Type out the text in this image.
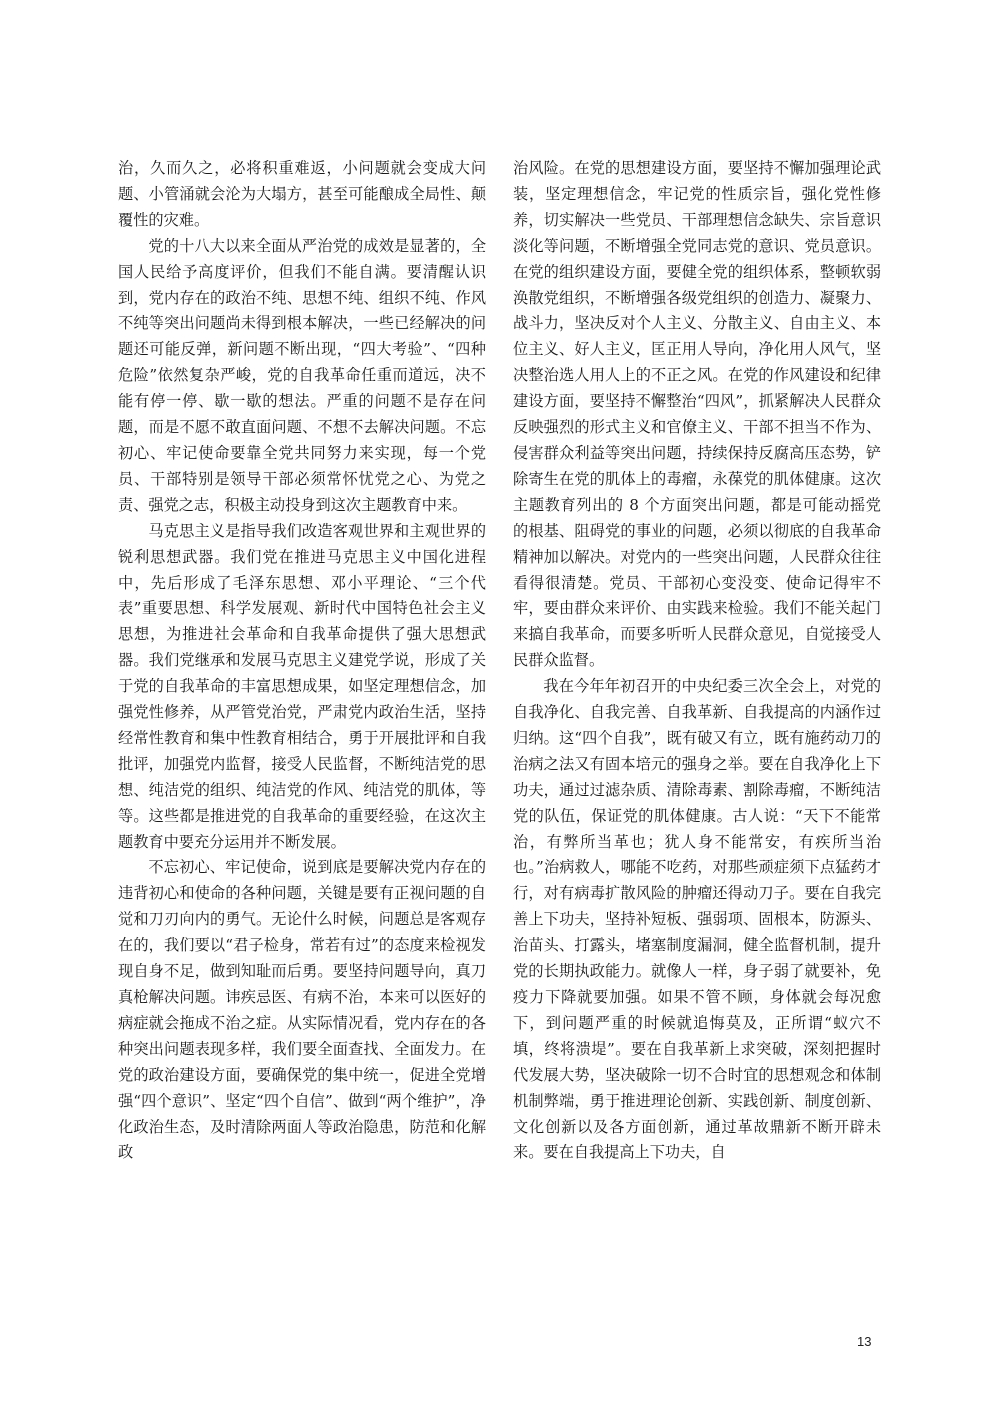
治，久而久之，必将积重难返，小问题就会变成大问题、小管涌就会沦为大塌方，甚至可能酿成全局性、颠覆性的灾难。

党的十八大以来全面从严治党的成效是显著的，全国人民给予高度评价，但我们不能自满。要清醒认识到，党内存在的政治不纯、思想不纯、组织不纯、作风不纯等突出问题尚未得到根本解决，一些已经解决的问题还可能反弹，新问题不断出现，“四大考验”、“四种危险”依然复杂严峻，党的自我革命任重而道远，决不能有停一停、歇一歇的想法。严重的问题不是存在问题，而是不愿不敢直面问题、不想不去解决问题。不忘初心、牢记使命要靠全党共同努力来实现，每一个党员、干部特别是领导干部必须常怀忧党之心、为党之责、强党之志，积极主动投身到这次主题教育中来。

马克思主义是指导我们改造客观世界和主观世界的锐利思想武器。我们党在推进马克思主义中国化进程中，先后形成了毛泽东思想、邓小平理论、“三个代表”重要思想、科学发展观、新时代中国特色社会主义思想，为推进社会革命和自我革命提供了强大思想武器。我们党继承和发展马克思主义建党学说，形成了关于党的自我革命的丰富思想成果，如坚定理想信念，加强党性修养，从严管党治党，严肃党内政治生活，坚持经常性教育和集中性教育相结合，勇于开展批评和自我批评，加强党内监督，接受人民监督，不断纯洁党的思想、纯洁党的组织、纯洁党的作风、纯洁党的肌体，等等。这些都是推进党的自我革命的重要经验，在这次主题教育中要充分运用并不断发展。

不忘初心、牢记使命，说到底是要解决党内存在的违背初心和使命的各种问题，关键是要有正视问题的自觉和刀刃向内的勇气。无论什么时候，问题总是客观存在的，我们要以“君子检身，常若有过”的态度来检视发现自身不足，做到知耻而后勇。要坚持问题导向，真刀真枪解决问题。讳疾忌医、有病不治，本来可以医好的病症就会拖成不治之症。从实际情况看，党内存在的各种突出问题表现多样，我们要全面查找、全面发力。在党的政治建设方面，要确保党的集中统一，促进全党增强“四个意识”、坚定“四个自信”、做到“两个维护”，净化政治生态，及时清除两面人等政治隐患，防范和化解政

治风险。在党的思想建设方面，要坚持不懈加强理论武装，坚定理想信念，牢记党的性质宗旨，强化党性修养，切实解决一些党员、干部理想信念缺失、宗旨意识淡化等问题，不断增强全党同志党的意识、党员意识。在党的组织建设方面，要健全党的组织体系，整顿软弱涣散党组织，不断增强各级党组织的创造力、凝聚力、战斗力，坚决反对个人主义、分散主义、自由主义、本位主义、好人主义，匡正用人导向，净化用人风气，坚决整治选人用人上的不正之风。在党的作风建设和纪律建设方面，要坚持不懈整治“四风”，抓紧解决人民群众反映强烈的形式主义和官僚主义、干部不担当不作为、侵害群众利益等突出问题，持续保持反腐高压态势，铲除寄生在党的肌体上的毒瘤，永葆党的肌体健康。这次主题教育列出的 8 个方面突出问题，都是可能动摇党的根基、阻碍党的事业的问题，必须以彻底的自我革命精神加以解决。对党内的一些突出问题，人民群众往往看得很清楚。党员、干部初心变没变、使命记得牢不牢，要由群众来评价、由实践来检验。我们不能关起门来搞自我革命，而要多听听人民群众意见，自觉接受人民群众监督。

我在今年年初召开的中央纪委三次全会上，对党的自我净化、自我完善、自我革新、自我提高的内涵作过归纳。这“四个自我”，既有破又有立，既有施药动刀的治病之法又有固本培元的强身之举。要在自我净化上下功夫，通过过滤杂质、清除毒素、割除毒瘤，不断纯洁党的队伍，保证党的肌体健康。古人说：“天下不能常治，有弊所当革也；犹人身不能常安，有疾所当治也。”治病救人，哪能不吃药，对那些顽症须下点猛药才行，对有病毒扩散风险的肿瘤还得动刀子。要在自我完善上下功夫，坚持补短板、强弱项、固根本，防源头、治苗头、打露头，堵塞制度漏洞，健全监督机制，提升党的长期执政能力。就像人一样，身子弱了就要补，免疫力下降就要加强。如果不管不顾，身体就会每况愈下，到问题严重的时候就追悔莫及，正所谓“蚁穴不填，终将溃堤”。要在自我革新上求突破，深刻把握时代发展大势，坚决破除一切不合时宜的思想观念和体制机制弊端，勇于推进理论创新、实践创新、制度创新、文化创新以及各方面创新，通过革故鼎新不断开辟未来。要在自我提高上下功夫，自

13
